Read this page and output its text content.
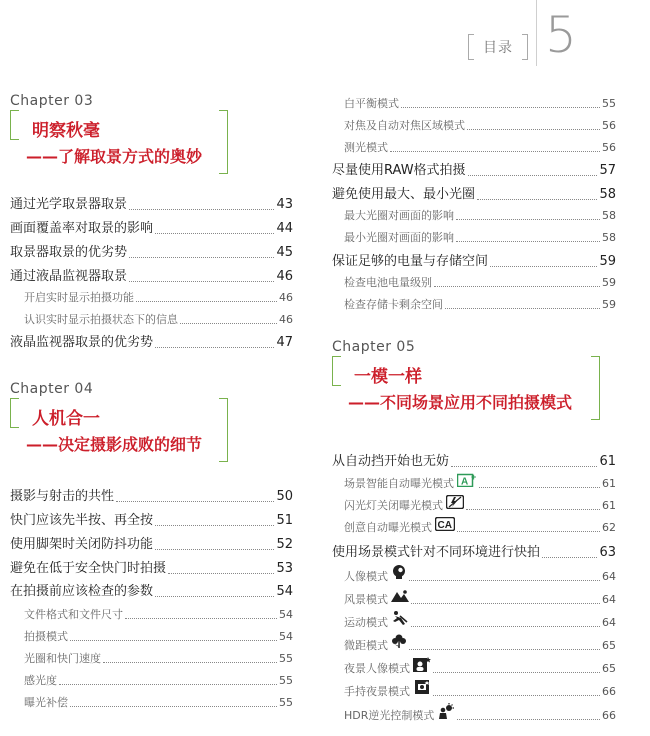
目录 5
Chapter 03
明察秋毫
——了解取景方式的奥妙
Chapter 04
人机合一
——决定摄影成败的细节
Chapter 05
一模一样
——不同场景应用不同拍摄模式
通过光学取景器取景	43
画面覆盖率对取景的影响	44
取景器取景的优劣势	45
通过液晶监视器取景	46
开启实时显示拍摄功能	46
认识实时显示拍摄状态下的信息	46
液晶监视器取景的优劣势	47
摄影与射击的共性	50
快门应该先半按、再全按	51
使用脚架时关闭防抖功能	52
避免在低于安全快门时拍摄	53
在拍摄前应该检查的参数	54
文件格式和文件尺寸	54
拍摄模式	54
光圈和快门速度	55
感光度	55
曝光补偿	55
白平衡模式	55
对焦及自动对焦区域模式	56
测光模式	56
尽量使用RAW格式拍摄	57
避免使用最大、最小光圈	58
最大光圈对画面的影响	58
最小光圈对画面的影响	58
保证足够的电量与存储空间	59
检查电池电量级别	59
检查存储卡剩余空间	59
从自动挡开始也无妨	61
场景智能自动曝光模式 A +	61
闪光灯关闭曝光模式	61
创意自动曝光模式 CA	62
使用场景模式针对不同环境进行快拍	63
人像模式	64
风景模式	64
运动模式	64
微距模式	65
夜景人像模式	65
手持夜景模式	66
HDR逆光控制模式	66
